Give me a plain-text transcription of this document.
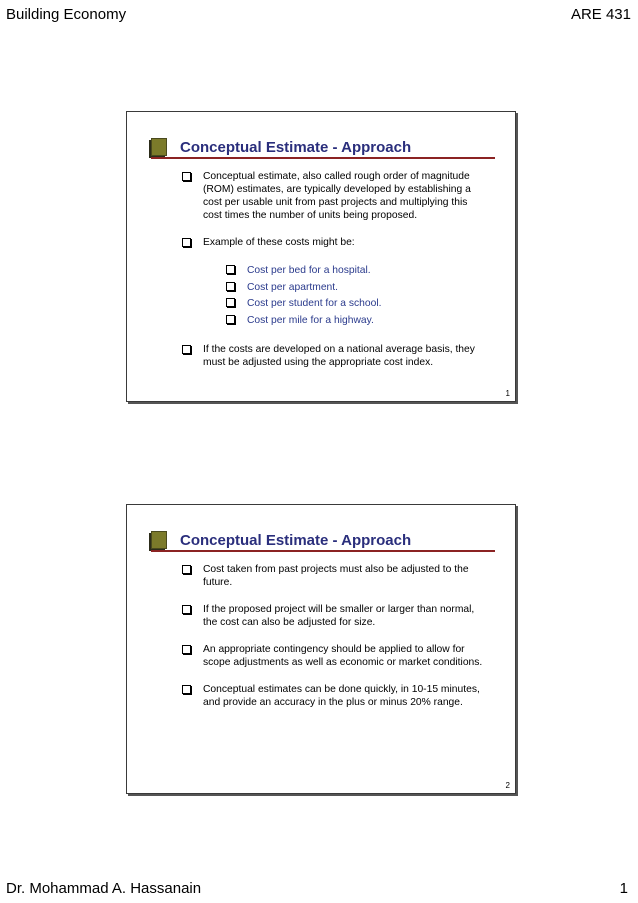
Building Economy	ARE 431
Conceptual Estimate - Approach
Conceptual estimate, also called rough order of magnitude (ROM) estimates, are typically developed by establishing a cost per usable unit from past projects and multiplying this cost times the number of units being proposed.
Example of these costs might be:
Cost per bed for a hospital.
Cost per apartment.
Cost per student for a school.
Cost per mile for a highway.
If the costs are developed on a national average basis, they must be adjusted using the appropriate cost index.
1
Conceptual Estimate - Approach
Cost taken from past projects must also be adjusted to the future.
If the proposed project will be smaller or larger than normal, the cost can also be adjusted for size.
An appropriate contingency should be applied to allow for scope adjustments as well as economic or market conditions.
Conceptual estimates can be done quickly, in 10-15 minutes, and provide an accuracy in the plus or minus 20% range.
2
Dr. Mohammad A. Hassanain	1
